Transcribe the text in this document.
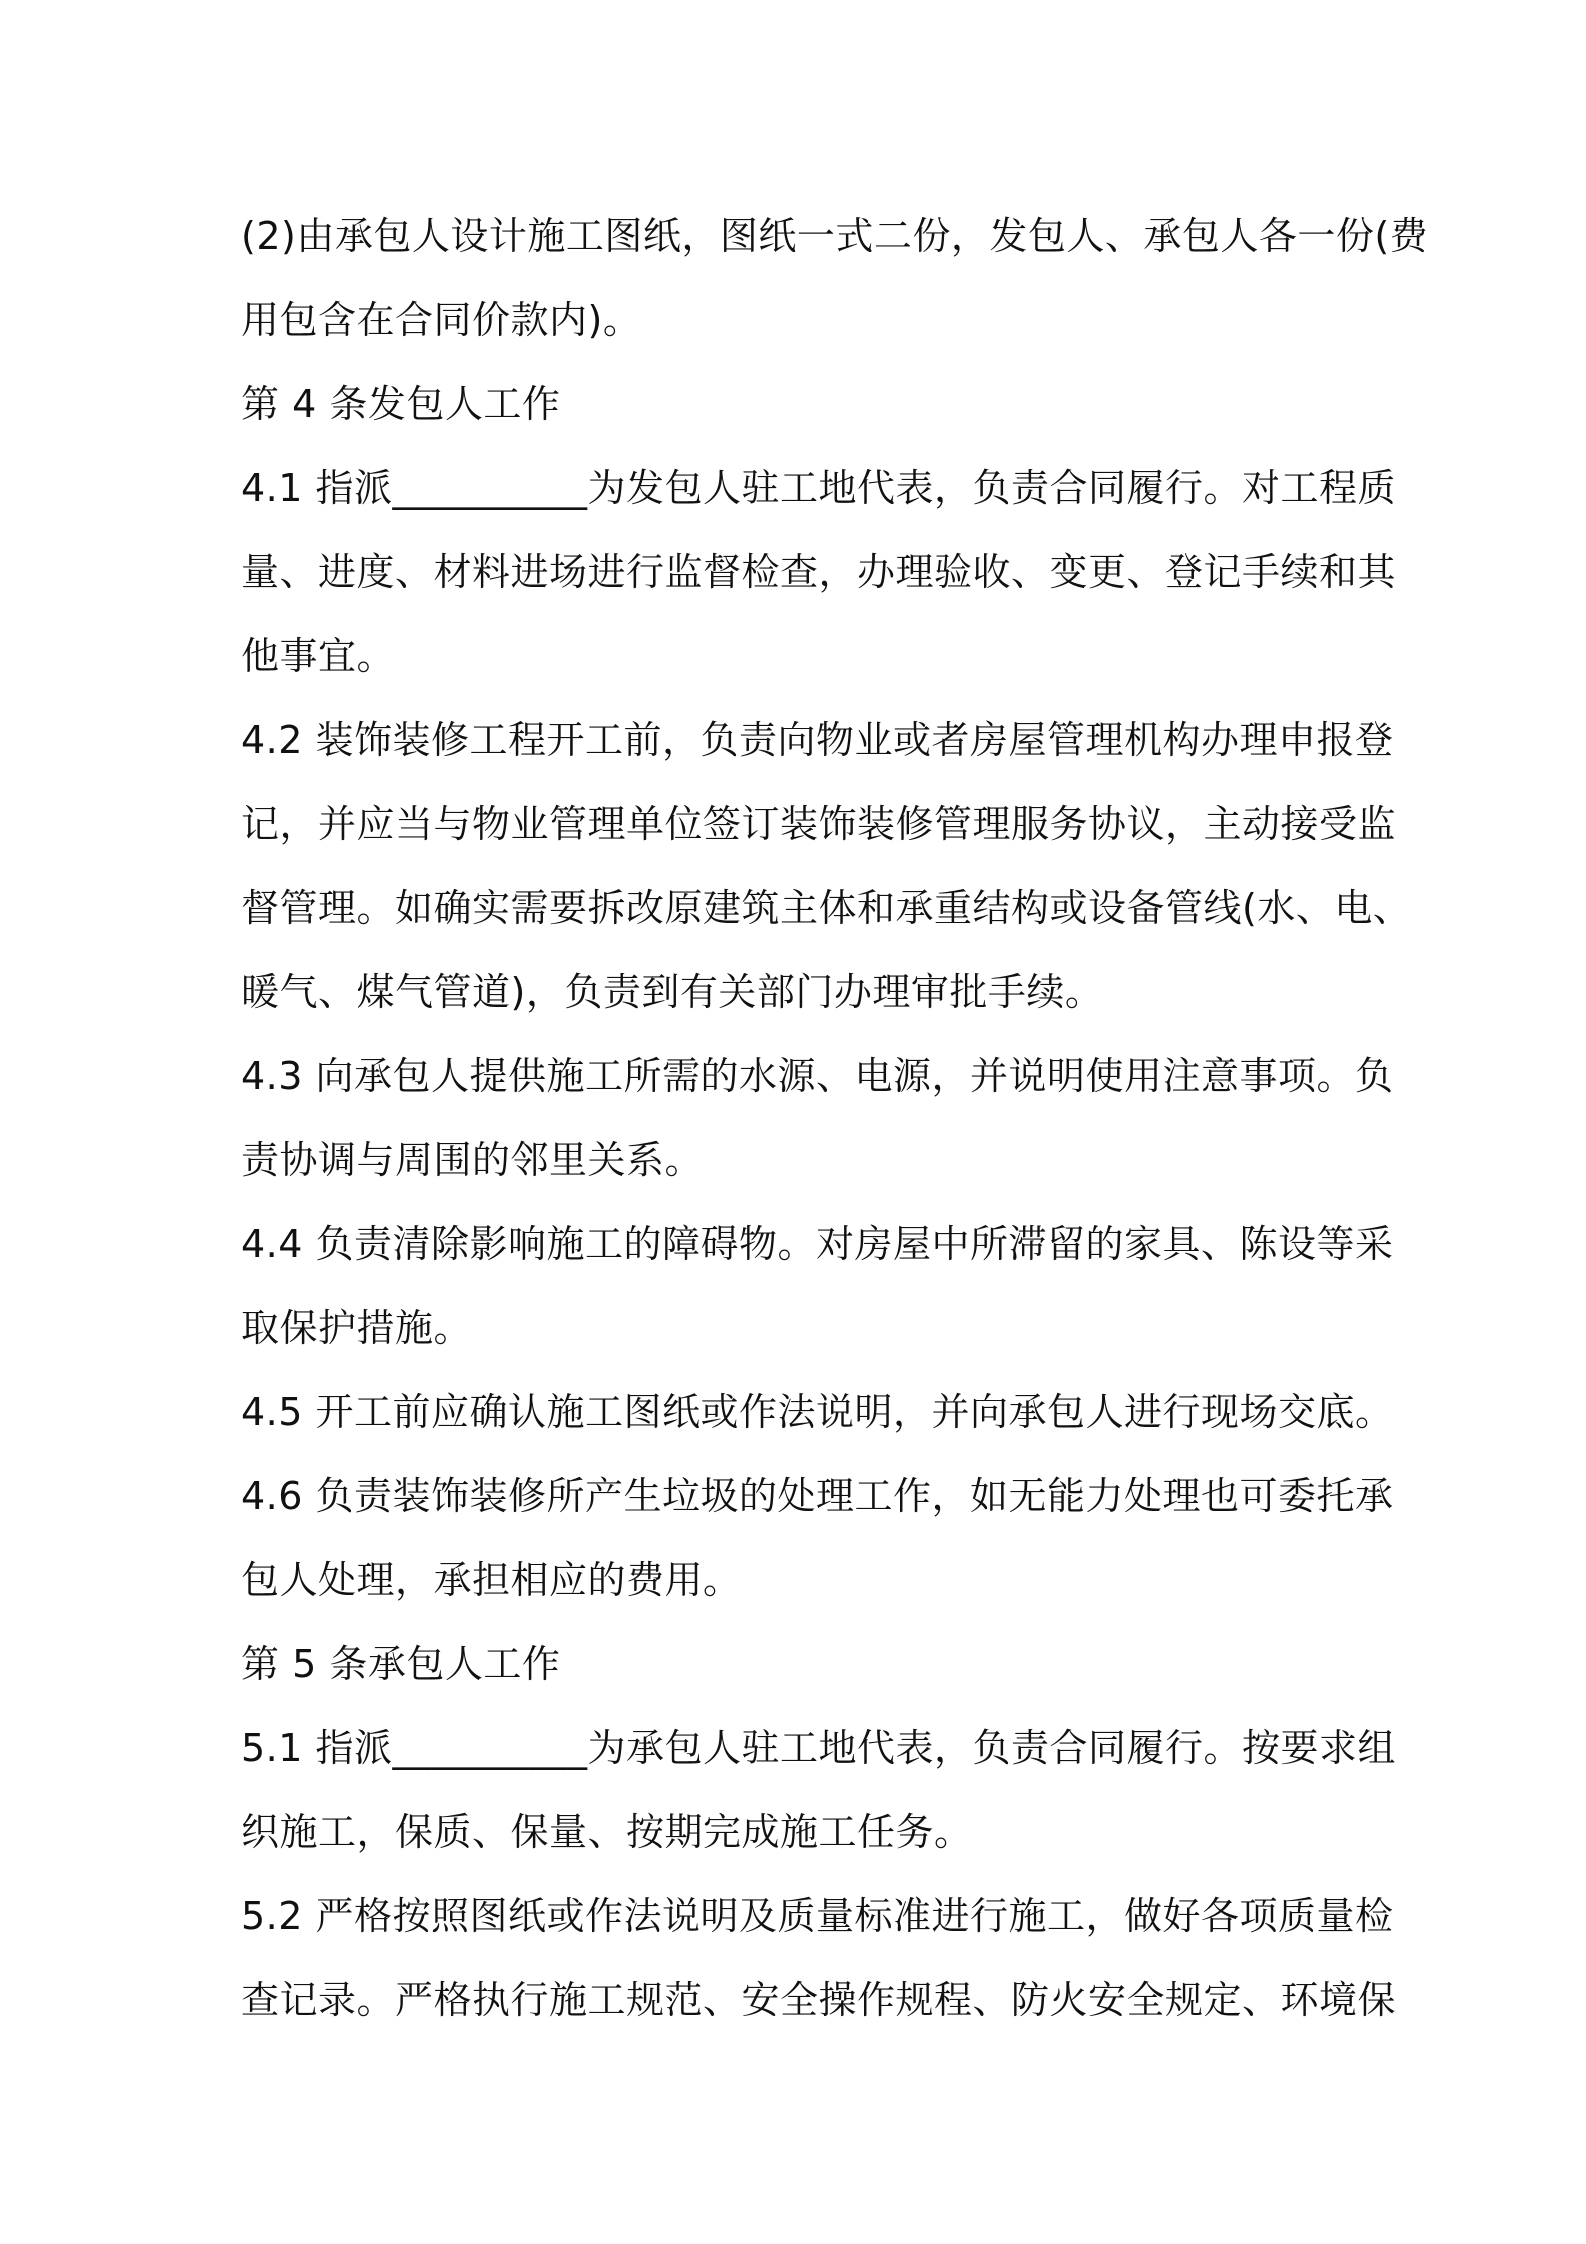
(2)由承包人设计施工图纸，图纸一式二份，发包人、承包人各一份(费
用包含在合同价款内)。
第 4 条发包人工作
4.1 指派__________为发包人驻工地代表，负责合同履行。对工程质
量、进度、材料进场进行监督检查，办理验收、变更、登记手续和其
他事宜。
4.2 装饰装修工程开工前，负责向物业或者房屋管理机构办理申报登
记，并应当与物业管理单位签订装饰装修管理服务协议，主动接受监
督管理。如确实需要拆改原建筑主体和承重结构或设备管线(水、电、
暖气、煤气管道)，负责到有关部门办理审批手续。
4.3 向承包人提供施工所需的水源、电源，并说明使用注意事项。负
责协调与周围的邻里关系。
4.4 负责清除影响施工的障碍物。对房屋中所滞留的家具、陈设等采
取保护措施。
4.5 开工前应确认施工图纸或作法说明，并向承包人进行现场交底。
4.6 负责装饰装修所产生垃圾的处理工作，如无能力处理也可委托承
包人处理，承担相应的费用。
第 5 条承包人工作
5.1 指派__________为承包人驻工地代表，负责合同履行。按要求组
织施工，保质、保量、按期完成施工任务。
5.2 严格按照图纸或作法说明及质量标准进行施工，做好各项质量检
查记录。严格执行施工规范、安全操作规程、防火安全规定、环境保
